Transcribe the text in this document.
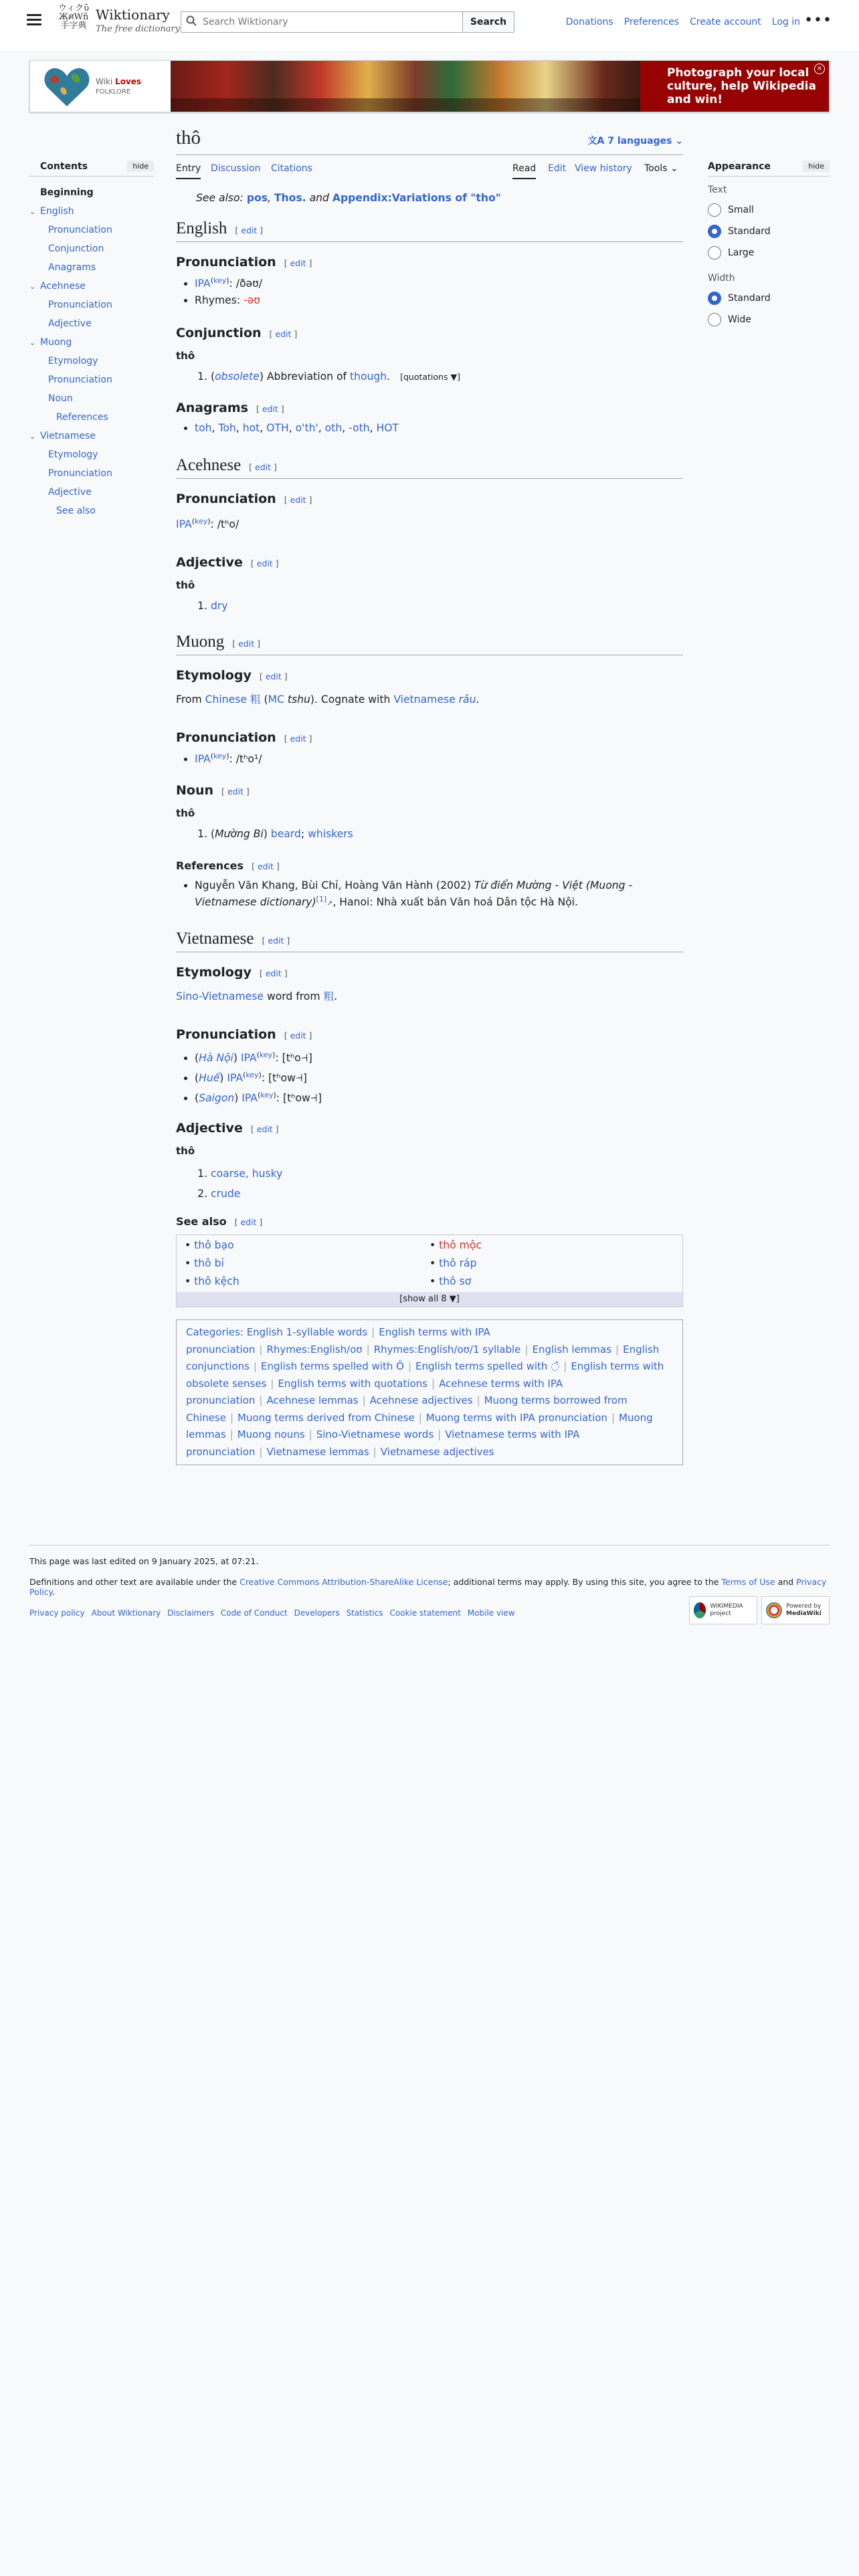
ウィクῡ
ЖศWñ
手字典
Wiktionary
The free dictionary
Search Wiktionary
Search	Donations Preferences Create account Log in •••
Wiki Loves
FOLKLORE
Photograph your local culture, help Wikipedia and win!
×
Contents	hide
Beginning
⌄ English
Pronunciation
Conjunction
Anagrams
⌄ Acehnese
Pronunciation
Adjective
⌄ Muong
Etymology
Pronunciation
Noun
References
⌄ Vietnamese
Etymology
Pronunciation
Adjective
See also
Appearance	hide
Text
Small
Standard
Large
Width
Standard
Wide
thô	文A 7 languages ⌄
Entry Discussion Citations	Read Edit View history Tools ⌄
See also: pos, Thos. and Appendix:Variations of "tho"
English [ edit ]
Pronunciation [ edit ]
• $IPA^{(key)}$: /ðəʊ/
• Rhymes: -əʊ
Conjunction [ edit ]
thô
1. (obsolete) Abbreviation of though. [quotations ▼]
Anagrams [ edit ]
• toh, Toh, hot, OTH, o'th', oth, -oth, HOT
Acehnese [ edit ]
Pronunciation [ edit ]
$IPA^{(key)}$: /tʰo/
Adjective [ edit ]
thô
1. dry
Muong [ edit ]
Etymology [ edit ]
From Chinese 粗 (MC tshu). Cognate with Vietnamese râu.
Pronunciation [ edit ]
• $IPA^{(key)}$: /tʰo¹/
Noun [ edit ]
thô
1. (Mường Bi) beard; whiskers
References [ edit ]
• Nguyễn Văn Khang, Bùi Chỉ, Hoàng Văn Hành (2002) Từ điển Mường - Việt (Muong - Vietnamese dictionary)[1]↗, Hanoi: Nhà xuất bản Văn hoá Dân tộc Hà Nội.
Vietnamese [ edit ]
Etymology [ edit ]
Sino-Vietnamese word from 粗.
Pronunciation [ edit ]
• (Hà Nội) $IPA^{(key)}$: [tʰo˧˧]
• (Huế) $IPA^{(key)}$: [tʰow˧˧]
• (Saigon) $IPA^{(key)}$: [tʰow˧˧]
Adjective [ edit ]
thô
1. coarse, husky
2. crude
See also [ edit ]
• thô bạo	• thô mộc
• thô bỉ	• thô ráp
• thô kệch	• thô sơ
[show all 8 ▼]
Categories: English 1-syllable words | English terms with IPA pronunciation | Rhymes:English/oʊ | Rhymes:English/oʊ/1 syllable | English lemmas | English conjunctions | English terms spelled with Ô | English terms spelled with ◌̂ | English terms with obsolete senses | English terms with quotations | Acehnese terms with IPA pronunciation | Acehnese lemmas | Acehnese adjectives | Muong terms borrowed from Chinese | Muong terms derived from Chinese | Muong terms with IPA pronunciation | Muong lemmas | Muong nouns | Sino-Vietnamese words | Vietnamese terms with IPA pronunciation | Vietnamese lemmas | Vietnamese adjectives

This page was last edited on 9 January 2025, at 07:21.

Definitions and other text are available under the Creative Commons Attribution-ShareAlike License; additional terms may apply. By using this site, you agree to the Terms of Use and Privacy Policy.

Privacy policy About Wiktionary Disclaimers Code of Conduct Developers Statistics Cookie statement Mobile view
WIKIMEDIA project
Powered by
MediaWiki
